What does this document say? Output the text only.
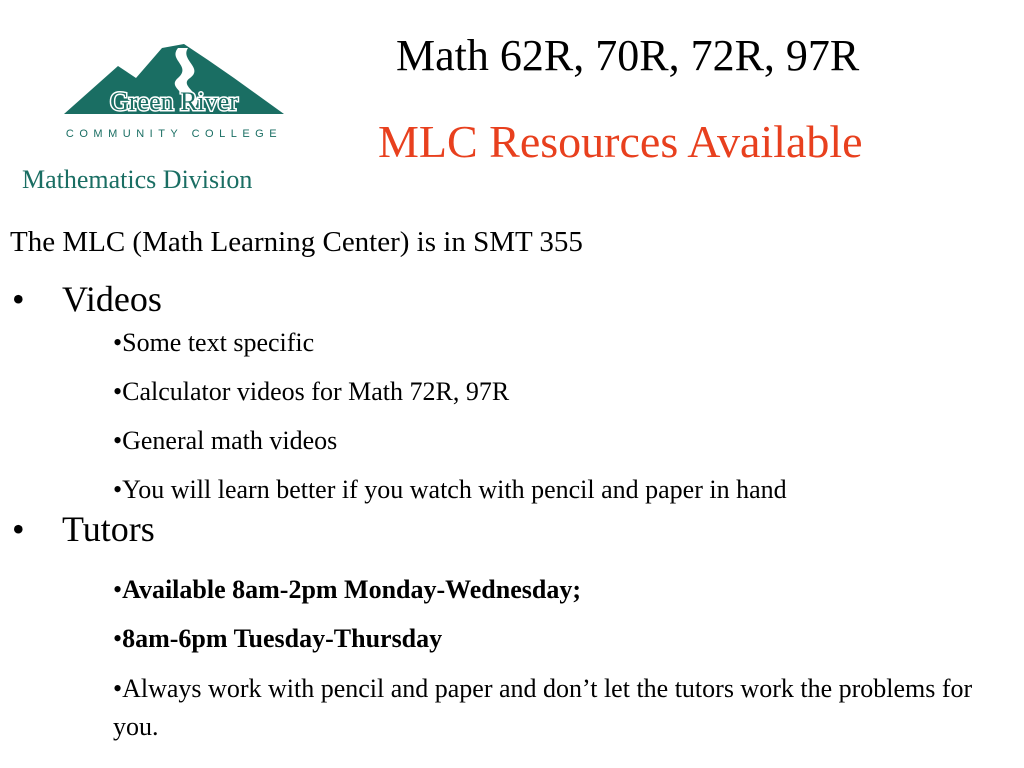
Green River
COMMUNITY COLLEGE
Mathematics Division
Math 62R, 70R, 72R, 97R
MLC Resources Available
The MLC (Math Learning Center) is in SMT 355
• Videos
•Some text specific
•Calculator videos for Math 72R, 97R
•General math videos
•You will learn better if you watch with pencil and paper in hand
• Tutors
•Available 8am-2pm Monday-Wednesday;
•8am-6pm Tuesday-Thursday
•Always work with pencil and paper and don’t let the tutors work the problems for you.
